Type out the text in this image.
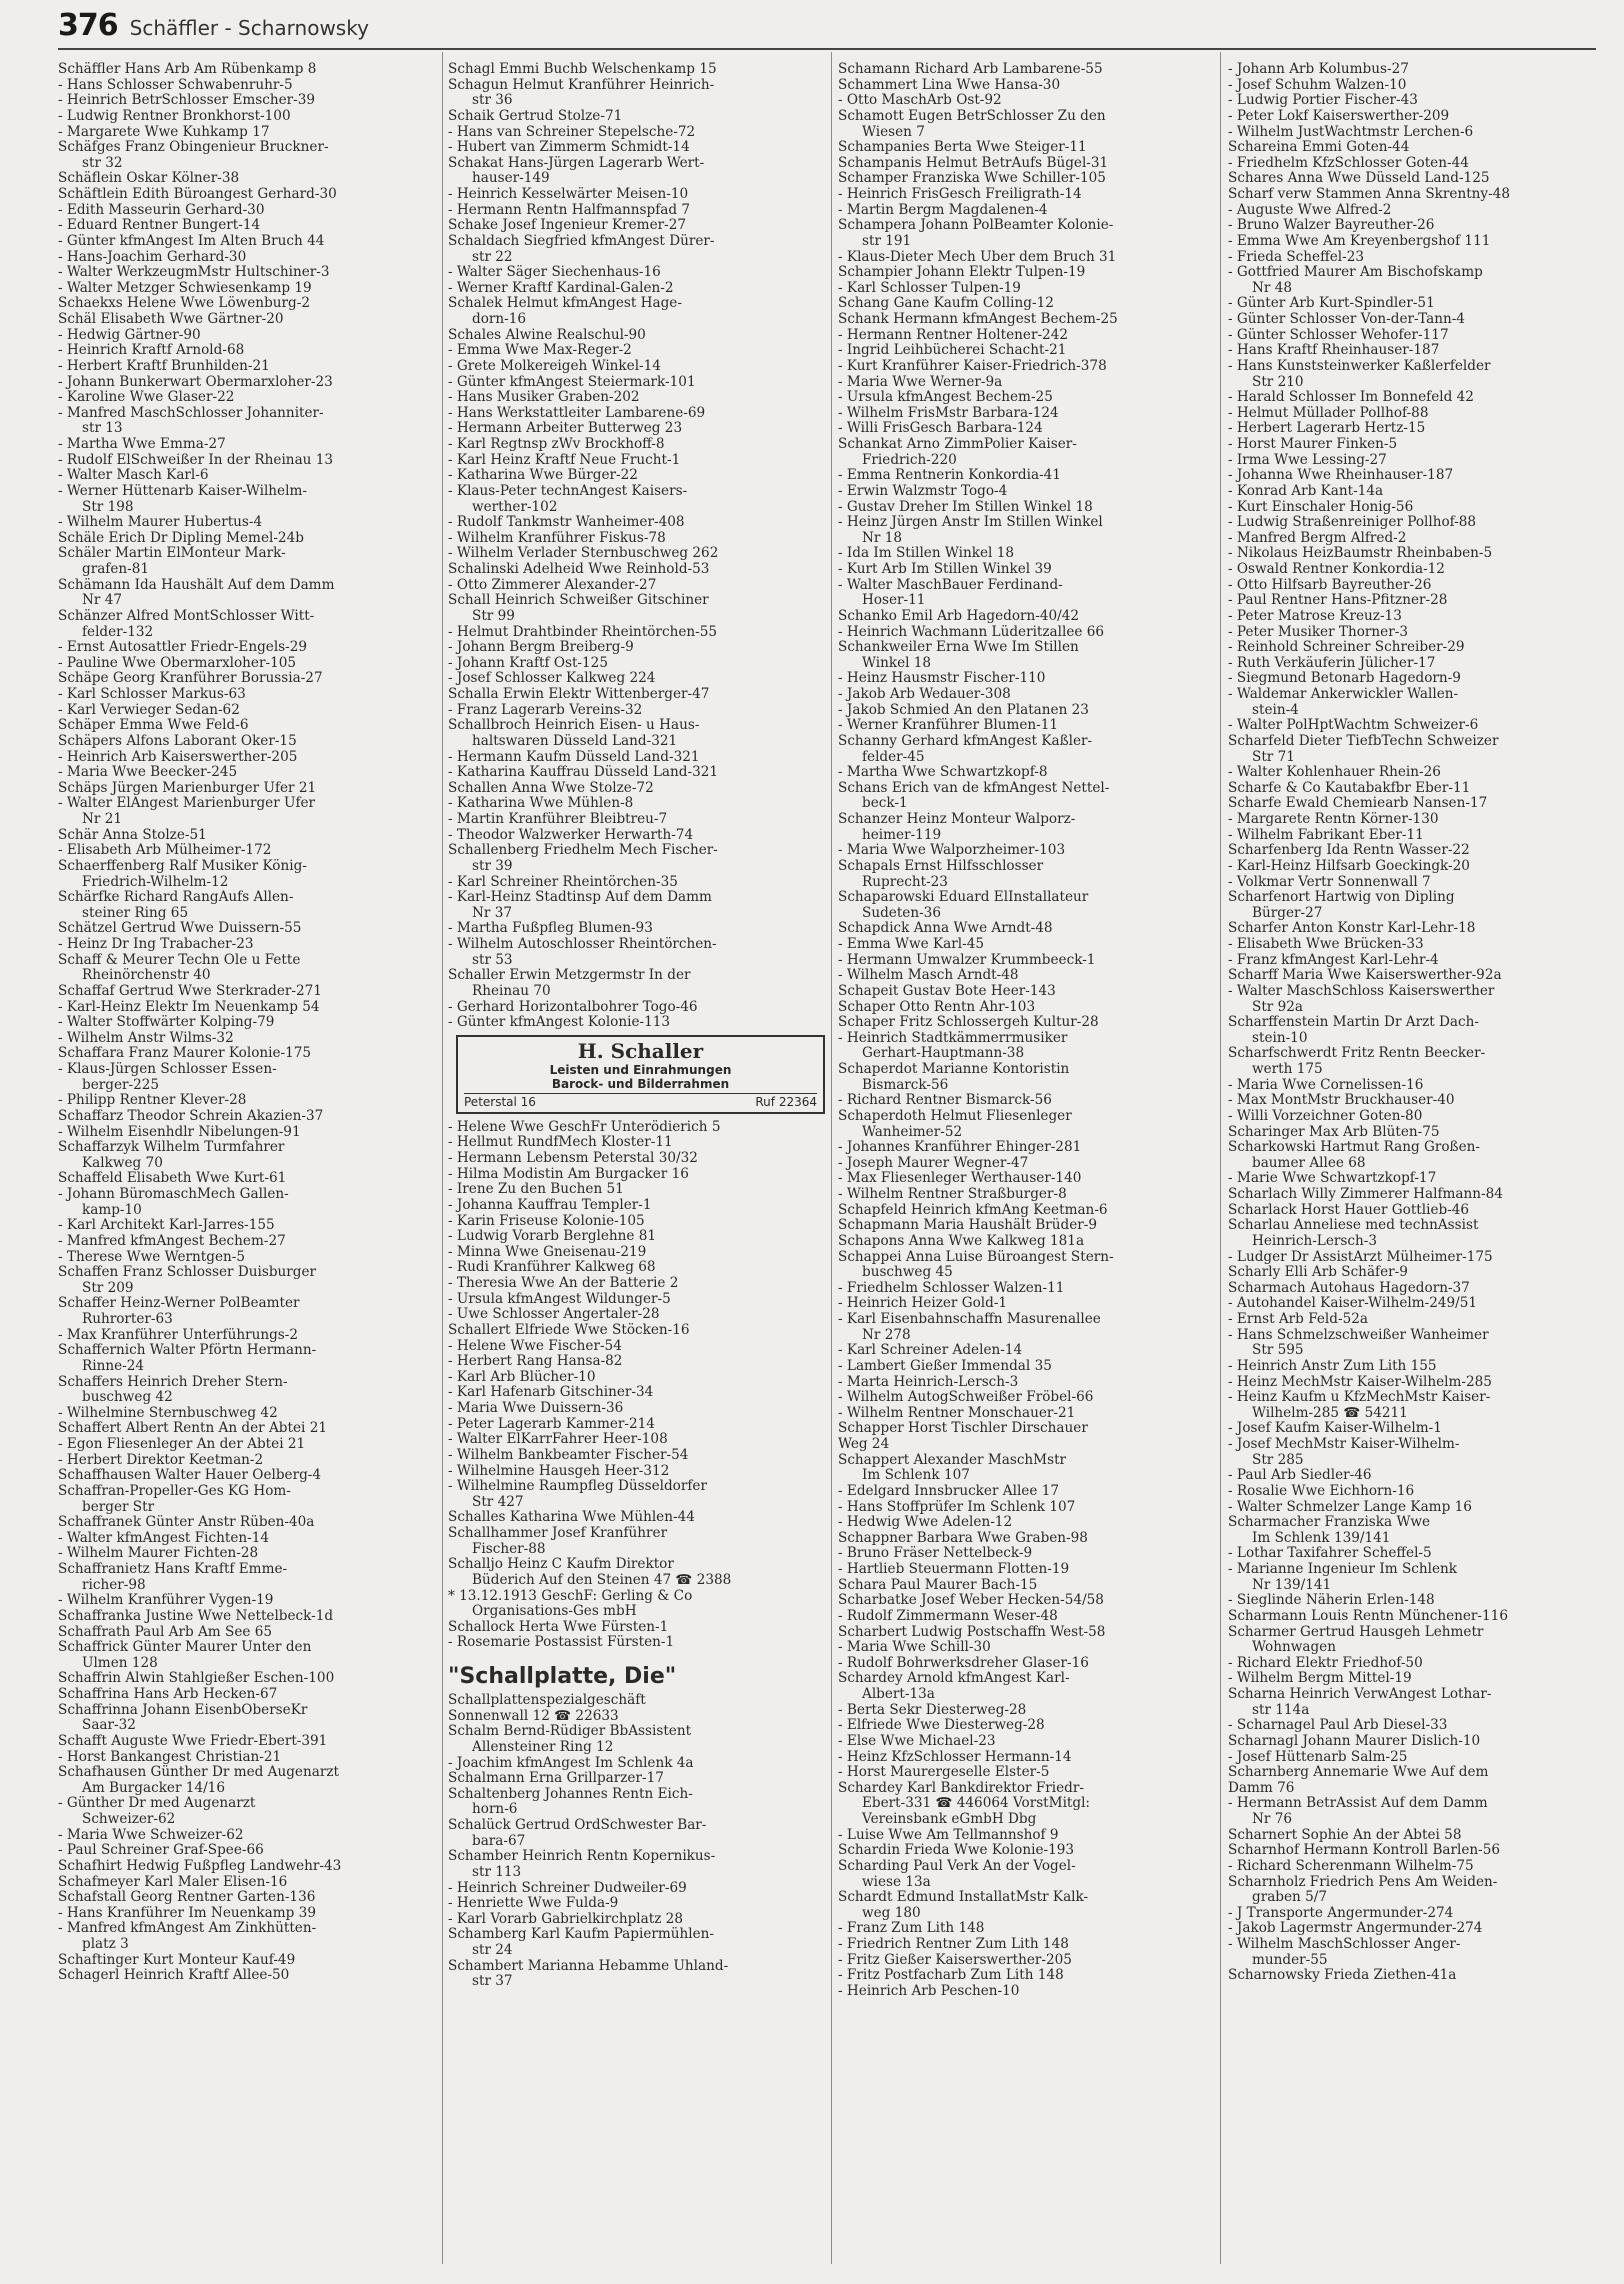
376 Schäffler - Scharnowsky
Schäffler Hans Arb Am Rübenkamp 8
- Hans Schlosser Schwabenruhr-5
- Heinrich BetrSchlosser Emscher-39
- Ludwig Rentner Bronkhorst-100
- Margarete Wwe Kuhkamp 17
Schäfges Franz Obingenieur Bruckner-
str 32
Schäflein Oskar Kölner-38
Schäftlein Edith Büroangest Gerhard-30
- Edith Masseurin Gerhard-30
- Eduard Rentner Bungert-14
- Günter kfmAngest Im Alten Bruch 44
- Hans-Joachim Gerhard-30
- Walter WerkzeugmMstr Hultschiner-3
- Walter Metzger Schwiesenkamp 19
Schaekxs Helene Wwe Löwenburg-2
Schäl Elisabeth Wwe Gärtner-20
- Hedwig Gärtner-90
- Heinrich Kraftf Arnold-68
- Herbert Kraftf Brunhilden-21
- Johann Bunkerwart Obermarxloher-23
- Karoline Wwe Glaser-22
- Manfred MaschSchlosser Johanniter-
str 13
- Martha Wwe Emma-27
- Rudolf ElSchweißer In der Rheinau 13
- Walter Masch Karl-6
- Werner Hüttenarb Kaiser-Wilhelm-
Str 198
- Wilhelm Maurer Hubertus-4
Schäle Erich Dr Dipling Memel-24b
Schäler Martin ElMonteur Mark-
grafen-81
Schämann Ida Haushält Auf dem Damm
Nr 47
Schänzer Alfred MontSchlosser Witt-
felder-132
- Ernst Autosattler Friedr-Engels-29
- Pauline Wwe Obermarxloher-105
Schäpe Georg Kranführer Borussia-27
- Karl Schlosser Markus-63
- Karl Verwieger Sedan-62
Schäper Emma Wwe Feld-6
Schäpers Alfons Laborant Oker-15
- Heinrich Arb Kaiserswerther-205
- Maria Wwe Beecker-245
Schäps Jürgen Marienburger Ufer 21
- Walter ElAngest Marienburger Ufer
Nr 21
Schär Anna Stolze-51
- Elisabeth Arb Mülheimer-172
Schaerffenberg Ralf Musiker König-
Friedrich-Wilhelm-12
Schärfke Richard RangAufs Allen-
steiner Ring 65
Schätzel Gertrud Wwe Duissern-55
- Heinz Dr Ing Trabacher-23
Schaff & Meurer Techn Öle u Fette
Rheinörchenstr 40
Schaffaf Gertrud Wwe Sterkrader-271
- Karl-Heinz Elektr Im Neuenkamp 54
- Walter Stoffwärter Kolping-79
- Wilhelm Anstr Wilms-32
Schaffara Franz Maurer Kolonie-175
- Klaus-Jürgen Schlosser Essen-
berger-225
- Philipp Rentner Klever-28
Schaffarz Theodor Schrein Akazien-37
- Wilhelm Eisenhdlr Nibelungen-91
Schaffarzyk Wilhelm Turmfahrer
Kalkweg 70
Schaffeld Elisabeth Wwe Kurt-61
- Johann BüromaschMech Gallen-
kamp-10
- Karl Architekt Karl-Jarres-155
- Manfred kfmAngest Bechem-27
- Therese Wwe Werntgen-5
Schaffen Franz Schlosser Duisburger
Str 209
Schaffer Heinz-Werner PolBeamter
Ruhrorter-63
- Max Kranführer Unterführungs-2
Schaffernich Walter Pförtn Hermann-
Rinne-24
Schaffers Heinrich Dreher Stern-
buschweg 42
- Wilhelmine Sternbuschweg 42
Schaffert Albert Rentn An der Abtei 21
- Egon Fliesenleger An der Abtei 21
- Herbert Direktor Keetman-2
Schaffhausen Walter Hauer Oelberg-4
Schaffran-Propeller-Ges KG Hom-
berger Str
Schaffranek Günter Anstr Rüben-40a
- Walter kfmAngest Fichten-14
- Wilhelm Maurer Fichten-28
Schaffranietz Hans Kraftf Emme-
richer-98
- Wilhelm Kranführer Vygen-19
Schaffranka Justine Wwe Nettelbeck-1d
Schaffrath Paul Arb Am See 65
Schaffrick Günter Maurer Unter den
Ulmen 128
Schaffrin Alwin Stahlgießer Eschen-100
Schaffrina Hans Arb Hecken-67
Schaffrinna Johann EisenbOberseKr
Saar-32
Schafft Auguste Wwe Friedr-Ebert-391
- Horst Bankangest Christian-21
Schafhausen Günther Dr med Augenarzt
Am Burgacker 14/16
- Günther Dr med Augenarzt
Schweizer-62
- Maria Wwe Schweizer-62
- Paul Schreiner Graf-Spee-66
Schafhirt Hedwig Fußpfleg Landwehr-43
Schafmeyer Karl Maler Elisen-16
Schafstall Georg Rentner Garten-136
- Hans Kranführer Im Neuenkamp 39
- Manfred kfmAngest Am Zinkhütten-
platz 3
Schaftinger Kurt Monteur Kauf-49
Schagerl Heinrich Kraftf Allee-50
Schagl Emmi Buchb Welschenkamp 15
Schagun Helmut Kranführer Heinrich-
str 36
Schaik Gertrud Stolze-71
- Hans van Schreiner Stepelsche-72
- Hubert van Zimmerm Schmidt-14
Schakat Hans-Jürgen Lagerarb Wert-
hauser-149
- Heinrich Kesselwärter Meisen-10
- Hermann Rentn Halfmannspfad 7
Schake Josef Ingenieur Kremer-27
Schaldach Siegfried kfmAngest Dürer-
str 22
- Walter Säger Siechenhaus-16
- Werner Kraftf Kardinal-Galen-2
Schalek Helmut kfmAngest Hage-
dorn-16
Schales Alwine Realschul-90
- Emma Wwe Max-Reger-2
- Grete Molkereigeh Winkel-14
- Günter kfmAngest Steiermark-101
- Hans Musiker Graben-202
- Hans Werkstattleiter Lambarene-69
- Hermann Arbeiter Butterweg 23
- Karl Regtnsp zWv Brockhoff-8
- Karl Heinz Kraftf Neue Frucht-1
- Katharina Wwe Bürger-22
- Klaus-Peter technAngest Kaisers-
werther-102
- Rudolf Tankmstr Wanheimer-408
- Wilhelm Kranführer Fiskus-78
- Wilhelm Verlader Sternbuschweg 262
Schalinski Adelheid Wwe Reinhold-53
- Otto Zimmerer Alexander-27
Schall Heinrich Schweißer Gitschiner
Str 99
- Helmut Drahtbinder Rheintörchen-55
- Johann Bergm Breiberg-9
- Johann Kraftf Ost-125
- Josef Schlosser Kalkweg 224
Schalla Erwin Elektr Wittenberger-47
- Franz Lagerarb Vereins-32
Schallbroch Heinrich Eisen- u Haus-
haltswaren Düsseld Land-321
- Hermann Kaufm Düsseld Land-321
- Katharina Kauffrau Düsseld Land-321
Schallen Anna Wwe Stolze-72
- Katharina Wwe Mühlen-8
- Martin Kranführer Bleibtreu-7
- Theodor Walzwerker Herwarth-74
Schallenberg Friedhelm Mech Fischer-
str 39
- Karl Schreiner Rheintörchen-35
- Karl-Heinz Stadtinsp Auf dem Damm
Nr 37
- Martha Fußpfleg Blumen-93
- Wilhelm Autoschlosser Rheintörchen-
str 53
Schaller Erwin Metzgermstr In der
Rheinau 70
- Gerhard Horizontalbohrer Togo-46
- Günter kfmAngest Kolonie-113
H. Schaller
Leisten und Einrahmungen
Barock- und Bilderrahmen
Peterstal 16	Ruf 22364
- Helene Wwe GeschFr Unterödierich 5
- Hellmut RundfMech Kloster-11
- Hermann Lebensm Peterstal 30/32
- Hilma Modistin Am Burgacker 16
- Irene Zu den Buchen 51
- Johanna Kauffrau Templer-1
- Karin Friseuse Kolonie-105
- Ludwig Vorarb Berglehne 81
- Minna Wwe Gneisenau-219
- Rudi Kranführer Kalkweg 68
- Theresia Wwe An der Batterie 2
- Ursula kfmAngest Wildunger-5
- Uwe Schlosser Angertaler-28
Schallert Elfriede Wwe Stöcken-16
- Helene Wwe Fischer-54
- Herbert Rang Hansa-82
- Karl Arb Blücher-10
- Karl Hafenarb Gitschiner-34
- Maria Wwe Duissern-36
- Peter Lagerarb Kammer-214
- Walter ElKarrFahrer Heer-108
- Wilhelm Bankbeamter Fischer-54
- Wilhelmine Hausgeh Heer-312
- Wilhelmine Raumpfleg Düsseldorfer
Str 427
Schalles Katharina Wwe Mühlen-44
Schallhammer Josef Kranführer
Fischer-88
Schalljo Heinz C Kaufm Direktor
Büderich Auf den Steinen 47 ☎ 2388
* 13.12.1913 GeschF: Gerling & Co
Organisations-Ges mbH
Schallock Herta Wwe Fürsten-1
- Rosemarie Postassist Fürsten-1
"Schallplatte, Die"
Schallplattenspezialgeschäft
Sonnenwall 12 ☎ 22633
Schalm Bernd-Rüdiger BbAssistent
Allensteiner Ring 12
- Joachim kfmAngest Im Schlenk 4a
Schalmann Erna Grillparzer-17
Schaltenberg Johannes Rentn Eich-
horn-6
Schalück Gertrud OrdSchwester Bar-
bara-67
Schamber Heinrich Rentn Kopernikus-
str 113
- Heinrich Schreiner Dudweiler-69
- Henriette Wwe Fulda-9
- Karl Vorarb Gabrielkirchplatz 28
Schamberg Karl Kaufm Papiermühlen-
str 24
Schambert Marianna Hebamme Uhland-
str 37
Schamann Richard Arb Lambarene-55
Schammert Lina Wwe Hansa-30
- Otto MaschArb Ost-92
Schamott Eugen BetrSchlosser Zu den
Wiesen 7
Schampanies Berta Wwe Steiger-11
Schampanis Helmut BetrAufs Bügel-31
Schamper Franziska Wwe Schiller-105
- Heinrich FrisGesch Freiligrath-14
- Martin Bergm Magdalenen-4
Schampera Johann PolBeamter Kolonie-
str 191
- Klaus-Dieter Mech Über dem Bruch 31
Schampier Johann Elektr Tulpen-19
- Karl Schlosser Tulpen-19
Schang Gane Kaufm Colling-12
Schank Hermann kfmAngest Bechem-25
- Hermann Rentner Holtener-242
- Ingrid Leihbücherei Schacht-21
- Kurt Kranführer Kaiser-Friedrich-378
- Maria Wwe Werner-9a
- Ursula kfmAngest Bechem-25
- Wilhelm FrisMstr Barbara-124
- Willi FrisGesch Barbara-124
Schankat Arno ZimmPolier Kaiser-
Friedrich-220
- Emma Rentnerin Konkordia-41
- Erwin Walzmstr Togo-4
- Gustav Dreher Im Stillen Winkel 18
- Heinz Jürgen Anstr Im Stillen Winkel
Nr 18
- Ida Im Stillen Winkel 18
- Kurt Arb Im Stillen Winkel 39
- Walter MaschBauer Ferdinand-
Hoser-11
Schanko Emil Arb Hagedorn-40/42
- Heinrich Wachmann Lüderitzallee 66
Schankweiler Erna Wwe Im Stillen
Winkel 18
- Heinz Hausmstr Fischer-110
- Jakob Arb Wedauer-308
- Jakob Schmied An den Platanen 23
- Werner Kranführer Blumen-11
Schanny Gerhard kfmAngest Kaßler-
felder-45
- Martha Wwe Schwartzkopf-8
Schans Erich van de kfmAngest Nettel-
beck-1
Schanzer Heinz Monteur Walporz-
heimer-119
- Maria Wwe Walporzheimer-103
Schapals Ernst Hilfsschlosser
Ruprecht-23
Schaparowski Eduard ElInstallateur
Sudeten-36
Schapdick Anna Wwe Arndt-48
- Emma Wwe Karl-45
- Hermann Umwalzer Krummbeeck-1
- Wilhelm Masch Arndt-48
Schapeit Gustav Bote Heer-143
Schaper Otto Rentn Ahr-103
Schaper Fritz Schlossergeh Kultur-28
- Heinrich Stadtkämmerrmusiker
Gerhart-Hauptmann-38
Schaperdot Marianne Kontoristin
Bismarck-56
- Richard Rentner Bismarck-56
Schaperdoth Helmut Fliesenleger
Wanheimer-52
- Johannes Kranführer Ehinger-281
- Joseph Maurer Wegner-47
- Max Fliesenleger Werthauser-140
- Wilhelm Rentner Straßburger-8
Schapfeld Heinrich kfmAng Keetman-6
Schapmann Maria Haushält Brüder-9
Schapons Anna Wwe Kalkweg 181a
Schappei Anna Luise Büroangest Stern-
buschweg 45
- Friedhelm Schlosser Walzen-11
- Heinrich Heizer Gold-1
- Karl Eisenbahnschaffn Masurenallee
Nr 278
- Karl Schreiner Adelen-14
- Lambert Gießer Immendal 35
- Marta Heinrich-Lersch-3
- Wilhelm AutogSchweißer Fröbel-66
- Wilhelm Rentner Monschauer-21
Schapper Horst Tischler Dirschauer
Weg 24
Schappert Alexander MaschMstr
Im Schlenk 107
- Edelgard Innsbrucker Allee 17
- Hans Stoffprüfer Im Schlenk 107
- Hedwig Wwe Adelen-12
Schappner Barbara Wwe Graben-98
- Bruno Fräser Nettelbeck-9
- Hartlieb Steuermann Flotten-19
Schara Paul Maurer Bach-15
Scharbatke Josef Weber Hecken-54/58
- Rudolf Zimmermann Weser-48
Scharbert Ludwig Postschaffn West-58
- Maria Wwe Schill-30
- Rudolf Bohrwerksdreher Glaser-16
Schardey Arnold kfmAngest Karl-
Albert-13a
- Berta Sekr Diesterweg-28
- Elfriede Wwe Diesterweg-28
- Else Wwe Michael-23
- Heinz KfzSchlosser Hermann-14
- Horst Maurergeselle Elster-5
Schardey Karl Bankdirektor Friedr-
Ebert-331 ☎ 446064 VorstMitgl:
Vereinsbank eGmbH Dbg
- Luise Wwe Am Tellmannshof 9
Schardin Frieda Wwe Kolonie-193
Scharding Paul Verk An der Vogel-
wiese 13a
Schardt Edmund InstallatMstr Kalk-
weg 180
- Franz Zum Lith 148
- Friedrich Rentner Zum Lith 148
- Fritz Gießer Kaiserswerther-205
- Fritz Postfacharb Zum Lith 148
- Heinrich Arb Peschen-10
- Johann Arb Kolumbus-27
- Josef Schuhm Walzen-10
- Ludwig Portier Fischer-43
- Peter Lokf Kaiserswerther-209
- Wilhelm JustWachtmstr Lerchen-6
Schareina Emmi Goten-44
- Friedhelm KfzSchlosser Goten-44
Schares Anna Wwe Düsseld Land-125
Scharf verw Stammen Anna Skrentny-48
- Auguste Wwe Alfred-2
- Bruno Walzer Bayreuther-26
- Emma Wwe Am Kreyenbergshof 111
- Frieda Scheffel-23
- Gottfried Maurer Am Bischofskamp
Nr 48
- Günter Arb Kurt-Spindler-51
- Günter Schlosser Von-der-Tann-4
- Günter Schlosser Wehofer-117
- Hans Kraftf Rheinhauser-187
- Hans Kunststeinwerker Kaßlerfelder
Str 210
- Harald Schlosser Im Bonnefeld 42
- Helmut Müllader Pollhof-88
- Herbert Lagerarb Hertz-15
- Horst Maurer Finken-5
- Irma Wwe Lessing-27
- Johanna Wwe Rheinhauser-187
- Konrad Arb Kant-14a
- Kurt Einschaler Honig-56
- Ludwig Straßenreiniger Pollhof-88
- Manfred Bergm Alfred-2
- Nikolaus HeizBaumstr Rheinbaben-5
- Oswald Rentner Konkordia-12
- Otto Hilfsarb Bayreuther-26
- Paul Rentner Hans-Pfitzner-28
- Peter Matrose Kreuz-13
- Peter Musiker Thorner-3
- Reinhold Schreiner Schreiber-29
- Ruth Verkäuferin Jülicher-17
- Siegmund Betonarb Hagedorn-9
- Waldemar Ankerwickler Wallen-
stein-4
- Walter PolHptWachtm Schweizer-6
Scharfeld Dieter TiefbTechn Schweizer
Str 71
- Walter Kohlenhauer Rhein-26
Scharfe & Co Kautabakfbr Eber-11
Scharfe Ewald Chemiearb Nansen-17
- Margarete Rentn Körner-130
- Wilhelm Fabrikant Eber-11
Scharfenberg Ida Rentn Wasser-22
- Karl-Heinz Hilfsarb Goeckingk-20
- Volkmar Vertr Sonnenwall 7
Scharfenort Hartwig von Dipling
Bürger-27
Scharfer Anton Konstr Karl-Lehr-18
- Elisabeth Wwe Brücken-33
- Franz kfmAngest Karl-Lehr-4
Scharff Maria Wwe Kaiserswerther-92a
- Walter MaschSchloss Kaiserswerther
Str 92a
Scharffenstein Martin Dr Arzt Dach-
stein-10
Scharfschwerdt Fritz Rentn Beecker-
werth 175
- Maria Wwe Cornelissen-16
- Max MontMstr Bruckhauser-40
- Willi Vorzeichner Goten-80
Scharinger Max Arb Blüten-75
Scharkowski Hartmut Rang Großen-
baumer Allee 68
- Marie Wwe Schwartzkopf-17
Scharlach Willy Zimmerer Halfmann-84
Scharlack Horst Hauer Gottlieb-46
Scharlau Anneliese med technAssist
Heinrich-Lersch-3
- Ludger Dr AssistArzt Mülheimer-175
Scharly Elli Arb Schäfer-9
Scharmach Autohaus Hagedorn-37
- Autohandel Kaiser-Wilhelm-249/51
- Ernst Arb Feld-52a
- Hans Schmelzschweißer Wanheimer
Str 595
- Heinrich Anstr Zum Lith 155
- Heinz MechMstr Kaiser-Wilhelm-285
- Heinz Kaufm u KfzMechMstr Kaiser-
Wilhelm-285 ☎ 54211
- Josef Kaufm Kaiser-Wilhelm-1
- Josef MechMstr Kaiser-Wilhelm-
Str 285
- Paul Arb Siedler-46
- Rosalie Wwe Eichhorn-16
- Walter Schmelzer Lange Kamp 16
Scharmacher Franziska Wwe
Im Schlenk 139/141
- Lothar Taxifahrer Scheffel-5
- Marianne Ingenieur Im Schlenk
Nr 139/141
- Sieglinde Näherin Erlen-148
Scharmann Louis Rentn Münchener-116
Scharmer Gertrud Hausgeh Lehmetr
Wohnwagen
- Richard Elektr Friedhof-50
- Wilhelm Bergm Mittel-19
Scharna Heinrich VerwAngest Lothar-
str 114a
- Scharnagel Paul Arb Diesel-33
Scharnagl Johann Maurer Dislich-10
- Josef Hüttenarb Salm-25
Scharnberg Annemarie Wwe Auf dem
Damm 76
- Hermann BetrAssist Auf dem Damm
Nr 76
Scharnert Sophie An der Abtei 58
Scharnhof Hermann Kontroll Barlen-56
- Richard Scherenmann Wilhelm-75
Scharnholz Friedrich Pens Am Weiden-
graben 5/7
- J Transporte Angermunder-274
- Jakob Lagermstr Angermunder-274
- Wilhelm MaschSchlosser Anger-
munder-55
Scharnowsky Frieda Ziethen-41a
